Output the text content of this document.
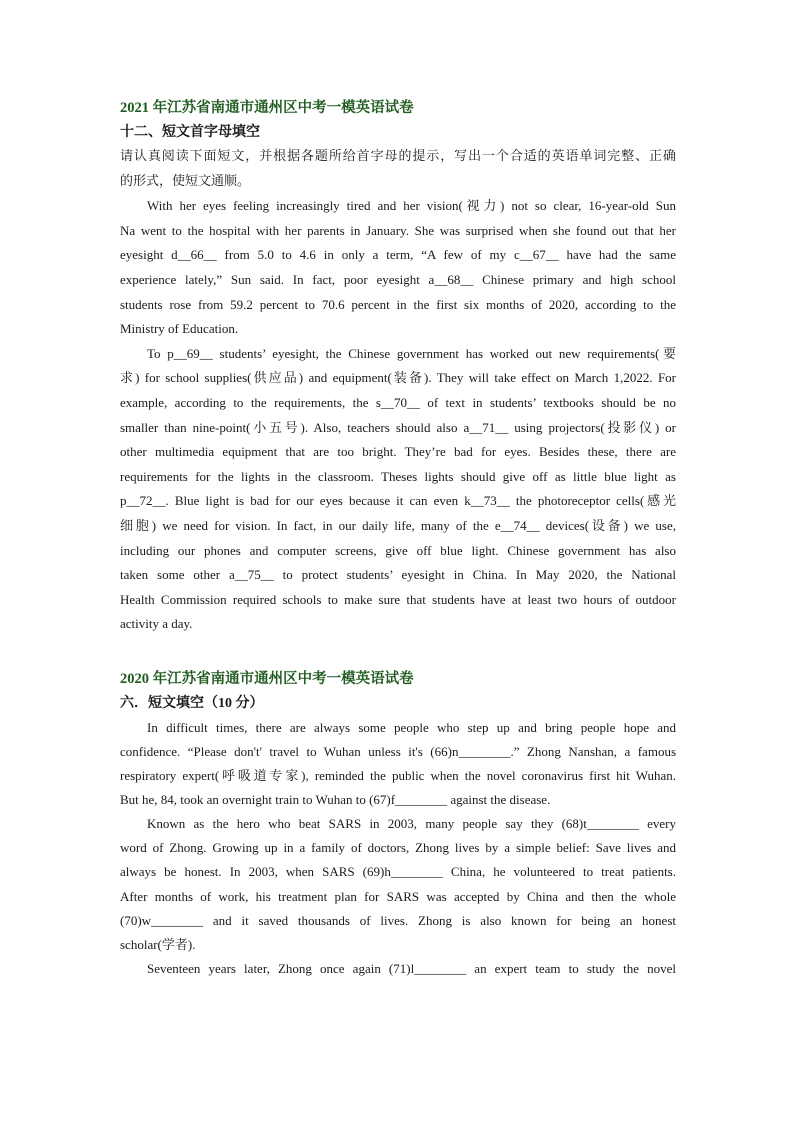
2021 年江苏省南通市通州区中考一模英语试卷
十二、短文首字母填空
请认真阅读下面短文，并根据各题所给首字母的提示，写出一个合适的英语单词完整、正确
的形式，使短文通顺。
With her eyes feeling increasingly tired and her vision(视力) not so clear, 16-year-old Sun
Na went to the hospital with her parents in January. She was surprised when she found out that her
eyesight d__66__ from 5.0 to 4.6 in only a term, “A few of my c__67__ have had the same
experience lately,” Sun said. In fact, poor eyesight a__68__ Chinese primary and high school
students rose from 59.2 percent to 70.6 percent in the first six months of 2020, according to the
Ministry of Education.
To p__69__ students’ eyesight, the Chinese government has worked out new requirements(要
求) for school supplies(供应品) and equipment(装备). They will take effect on March 1,2022. For
example, according to the requirements, the s__70__ of text in students’ textbooks should be no
smaller than nine-point(小五号). Also, teachers should also a__71__ using projectors(投影仪) or
other multimedia equipment that are too bright. They’re bad for eyes. Besides these, there are
requirements for the lights in the classroom. Theses lights should give off as little blue light as
p__72__. Blue light is bad for our eyes because it can even k__73__ the photoreceptor cells(感光
细胞) we need for vision. In fact, in our daily life, many of the e__74__ devices(设备) we use,
including our phones and computer screens, give off blue light. Chinese government has also
taken some other a__75__ to protect students’ eyesight in China. In May 2020, the National
Health Commission required schools to make sure that students have at least two hours of outdoor
activity a day.
2020 年江苏省南通市通州区中考一模英语试卷
六．短文填空（10 分）
In difficult times, there are always some people who step up and bring people hope and
confidence. “Please don't' travel to Wuhan unless it's (66)n________.” Zhong Nanshan, a famous
respiratory expert(呼吸道专家), reminded the public when the novel coronavirus first hit Wuhan.
But he, 84, took an overnight train to Wuhan to (67)f________ against the disease.
Known as the hero who beat SARS in 2003, many people say they (68)t________ every
word of Zhong. Growing up in a family of doctors, Zhong lives by a simple belief: Save lives and
always be honest. In 2003, when SARS (69)h________ China, he volunteered to treat patients.
After months of work, his treatment plan for SARS was accepted by China and then the whole
(70)w________ and it saved thousands of lives. Zhong is also known for being an honest
scholar(学者).
Seventeen years later, Zhong once again (71)l________ an expert team to study the novel
